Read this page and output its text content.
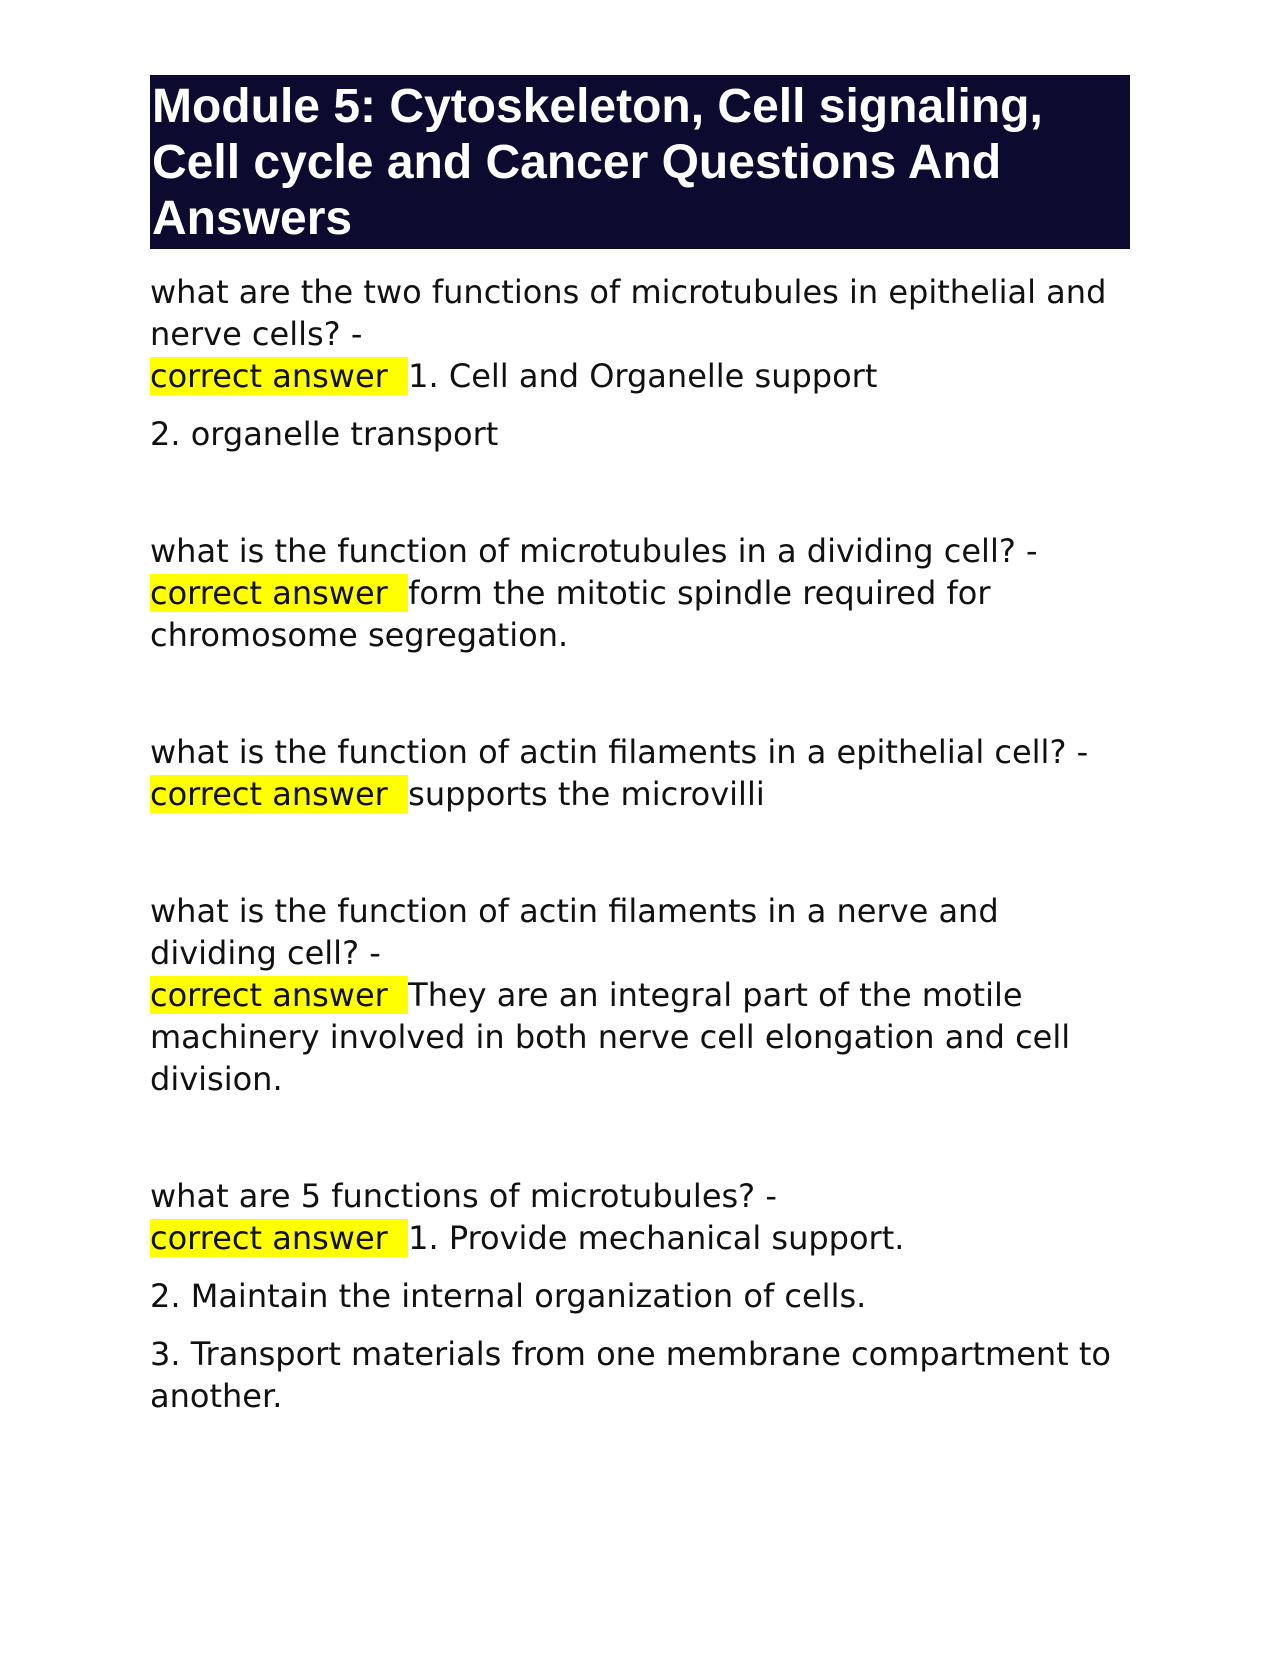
Module 5: Cytoskeleton, Cell signaling, Cell cycle and Cancer Questions And Answers

what are the two functions of microtubules in epithelial and nerve cells? -

correct answer  1. Cell and Organelle support

2. organelle transport

what is the function of microtubules in a dividing cell? -

correct answer  form the mitotic spindle required for chromosome segregation.

what is the function of actin filaments in a epithelial cell? -

correct answer  supports the microvilli

what is the function of actin filaments in a nerve and dividing cell? -

correct answer  They are an integral part of the motile machinery involved in both nerve cell elongation and cell division.

what are 5 functions of microtubules? -

correct answer  1. Provide mechanical support.

2. Maintain the internal organization of cells.

3. Transport materials from one membrane compartment to another.
